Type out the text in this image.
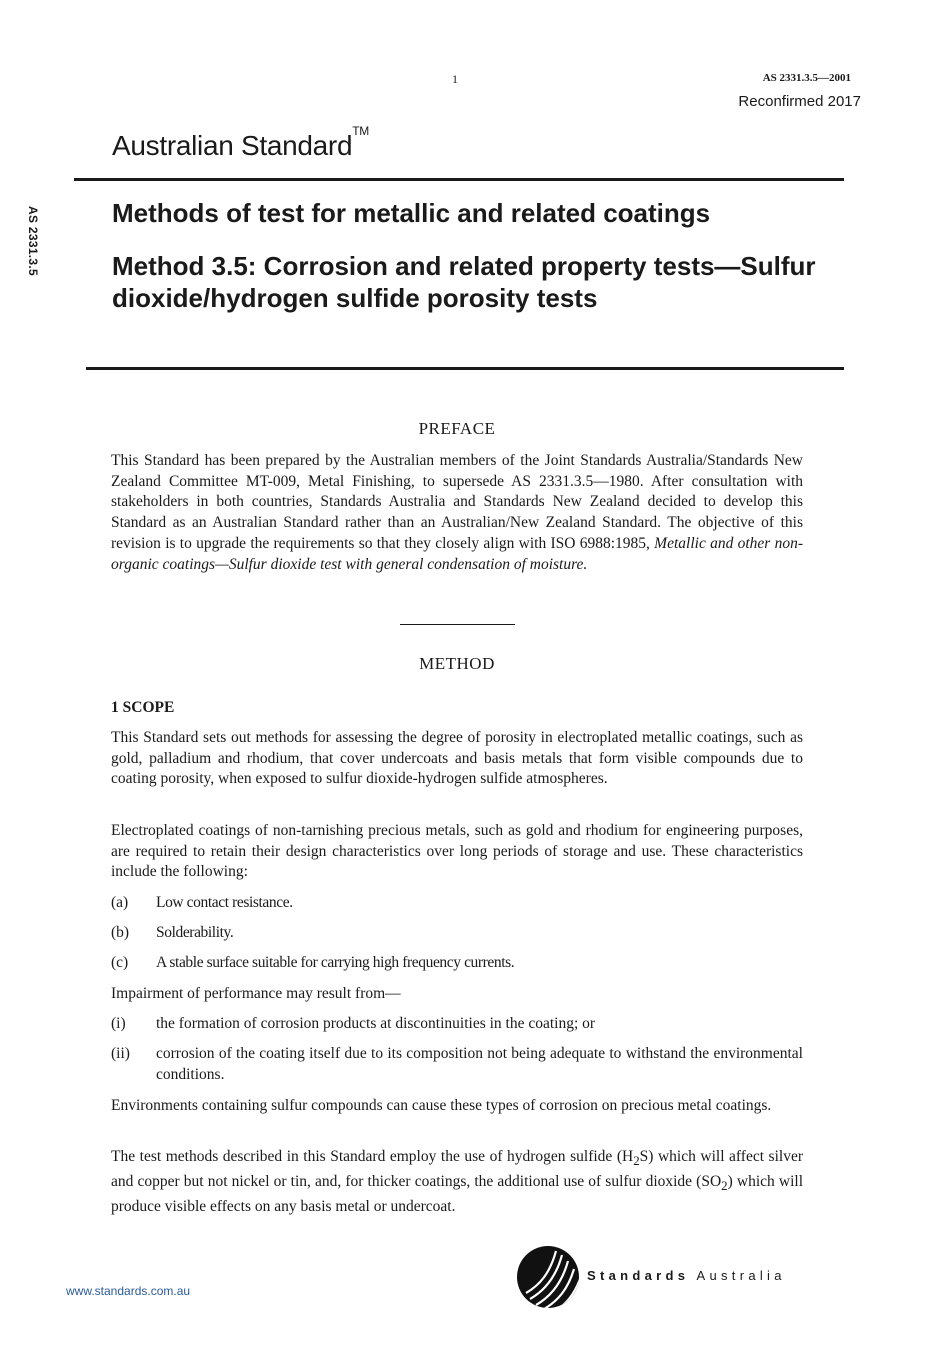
1	AS 2331.3.5—2001
Reconfirmed 2017
AS 2331.3.5
Australian Standard™
Methods of test for metallic and related coatings
Method 3.5: Corrosion and related property tests—Sulfur dioxide/hydrogen sulfide porosity tests
PREFACE

This Standard has been prepared by the Australian members of the Joint Standards Australia/Standards New Zealand Committee MT-009, Metal Finishing, to supersede AS 2331.3.5—1980. After consultation with stakeholders in both countries, Standards Australia and Standards New Zealand decided to develop this Standard as an Australian Standard rather than an Australian/New Zealand Standard. The objective of this revision is to upgrade the requirements so that they closely align with ISO 6988:1985, Metallic and other non-organic coatings—Sulfur dioxide test with general condensation of moisture.

METHOD
1 SCOPE

This Standard sets out methods for assessing the degree of porosity in electroplated metallic coatings, such as gold, palladium and rhodium, that cover undercoats and basis metals that form visible compounds due to coating porosity, when exposed to sulfur dioxide-hydrogen sulfide atmospheres.

Electroplated coatings of non-tarnishing precious metals, such as gold and rhodium for engineering purposes, are required to retain their design characteristics over long periods of storage and use. These characteristics include the following:

(a) Low contact resistance.
(b) Solderability.
(c) A stable surface suitable for carrying high frequency currents.

Impairment of performance may result from—

(i) the formation of corrosion products at discontinuities in the coating; or
(ii) corrosion of the coating itself due to its composition not being adequate to withstand the environmental conditions.

Environments containing sulfur compounds can cause these types of corrosion on precious metal coatings.

The test methods described in this Standard employ the use of hydrogen sulfide $(H_2S)$ which will affect silver and copper but not nickel or tin, and, for thicker coatings, the additional use of sulfur dioxide $(SO_2)$ which will produce visible effects on any basis metal or undercoat.

www.standards.com.au
Standards Australia
